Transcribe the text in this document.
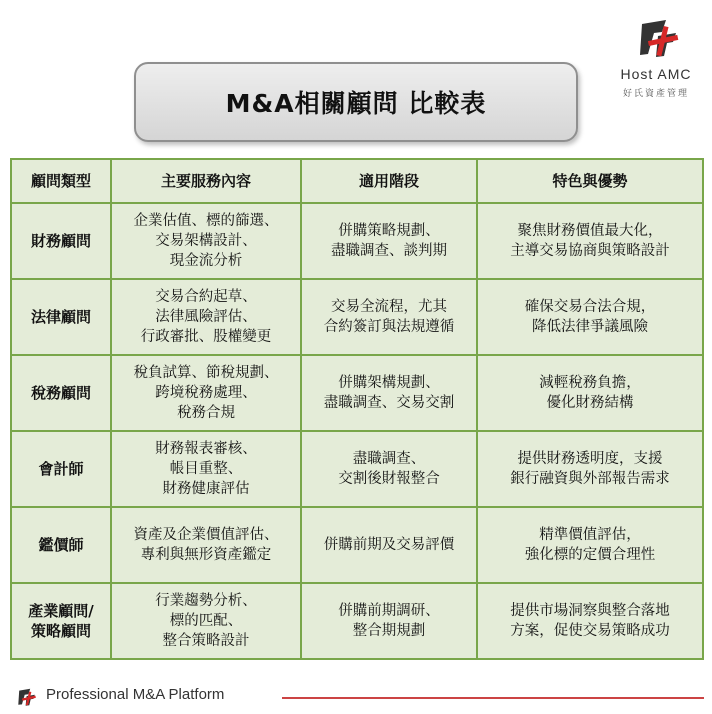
Host AMC
好氏資產管理
M&A相關顧問 比較表
顧問類型	主要服務內容	適用階段	特色與優勢

財務顧問	企業估值、標的篩選、
交易架構設計、
現金流分析	併購策略規劃、
盡職調查、談判期	聚焦財務價值最大化，
主導交易協商與策略設計

法律顧問	交易合約起草、
法律風險評估、
行政審批、股權變更	交易全流程，尤其
合約簽訂與法規遵循	確保交易合法合規，
降低法律爭議風險

稅務顧問	稅負試算、節稅規劃、
跨境稅務處理、
稅務合規	併購架構規劃、
盡職調查、交易交割	減輕稅務負擔，
優化財務結構

會計師	財務報表審核、
帳目重整、
財務健康評估	盡職調查、
交割後財報整合	提供財務透明度，支援
銀行融資與外部報告需求

鑑價師	資產及企業價值評估、
專利與無形資產鑑定	併購前期及交易評價	精準價值評估，
強化標的定價合理性

產業顧問/
策略顧問	行業趨勢分析、
標的匹配、
整合策略設計	併購前期調研、
整合期規劃	提供市場洞察與整合落地
方案，促使交易策略成功
Professional M&A Platform
